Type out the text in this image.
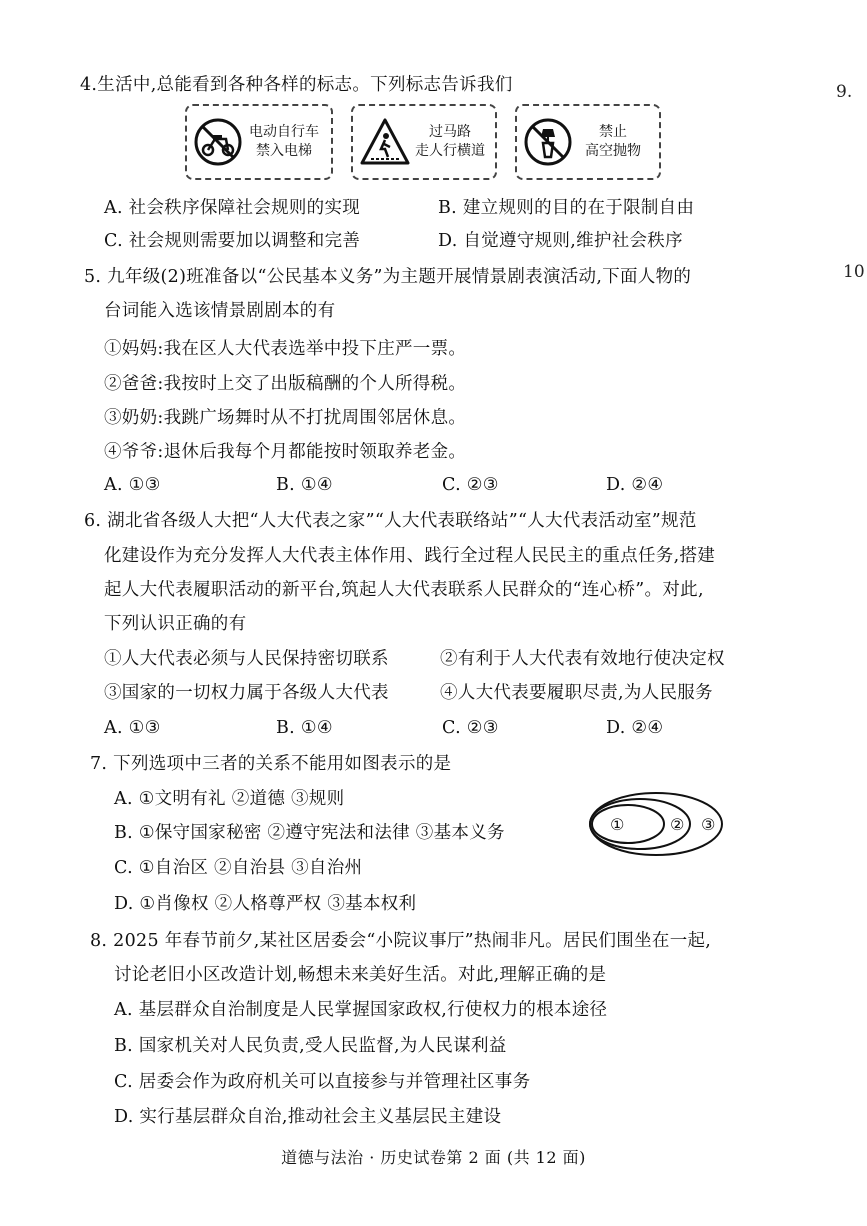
9.
10
4.生活中,总能看到各种各样的标志。下列标志告诉我们
电动自行车
禁入电梯
过马路
走人行横道
禁止
高空抛物
A. 社会秩序保障社会规则的实现	B. 建立规则的目的在于限制自由
C. 社会规则需要加以调整和完善	D. 自觉遵守规则,维护社会秩序
5. 九年级(2)班准备以“公民基本义务”为主题开展情景剧表演活动,下面人物的
台词能入选该情景剧剧本的有
①妈妈:我在区人大代表选举中投下庄严一票。
②爸爸:我按时上交了出版稿酬的个人所得税。
③奶奶:我跳广场舞时从不打扰周围邻居休息。
④爷爷:退休后我每个月都能按时领取养老金。
A. ①③	B. ①④	C. ②③	D. ②④
6. 湖北省各级人大把“人大代表之家”“人大代表联络站”“人大代表活动室”规范
化建设作为充分发挥人大代表主体作用、践行全过程人民民主的重点任务,搭建
起人大代表履职活动的新平台,筑起人大代表联系人民群众的“连心桥”。对此,
下列认识正确的有
①人大代表必须与人民保持密切联系	②有利于人大代表有效地行使决定权
③国家的一切权力属于各级人大代表	④人大代表要履职尽责,为人民服务
A. ①③	B. ①④	C. ②③	D. ②④
7. 下列选项中三者的关系不能用如图表示的是
A. ①文明有礼 ②道德 ③规则
B. ①保守国家秘密 ②遵守宪法和法律 ③基本义务
C. ①自治区 ②自治县 ③自治州
D. ①肖像权 ②人格尊严权 ③基本权利
①	② ③
8. 2025 年春节前夕,某社区居委会“小院议事厅”热闹非凡。居民们围坐在一起,
讨论老旧小区改造计划,畅想未来美好生活。对此,理解正确的是
A. 基层群众自治制度是人民掌握国家政权,行使权力的根本途径
B. 国家机关对人民负责,受人民监督,为人民谋利益
C. 居委会作为政府机关可以直接参与并管理社区事务
D. 实行基层群众自治,推动社会主义基层民主建设
道德与法治 · 历史试卷第 2 面 (共 12 面)
